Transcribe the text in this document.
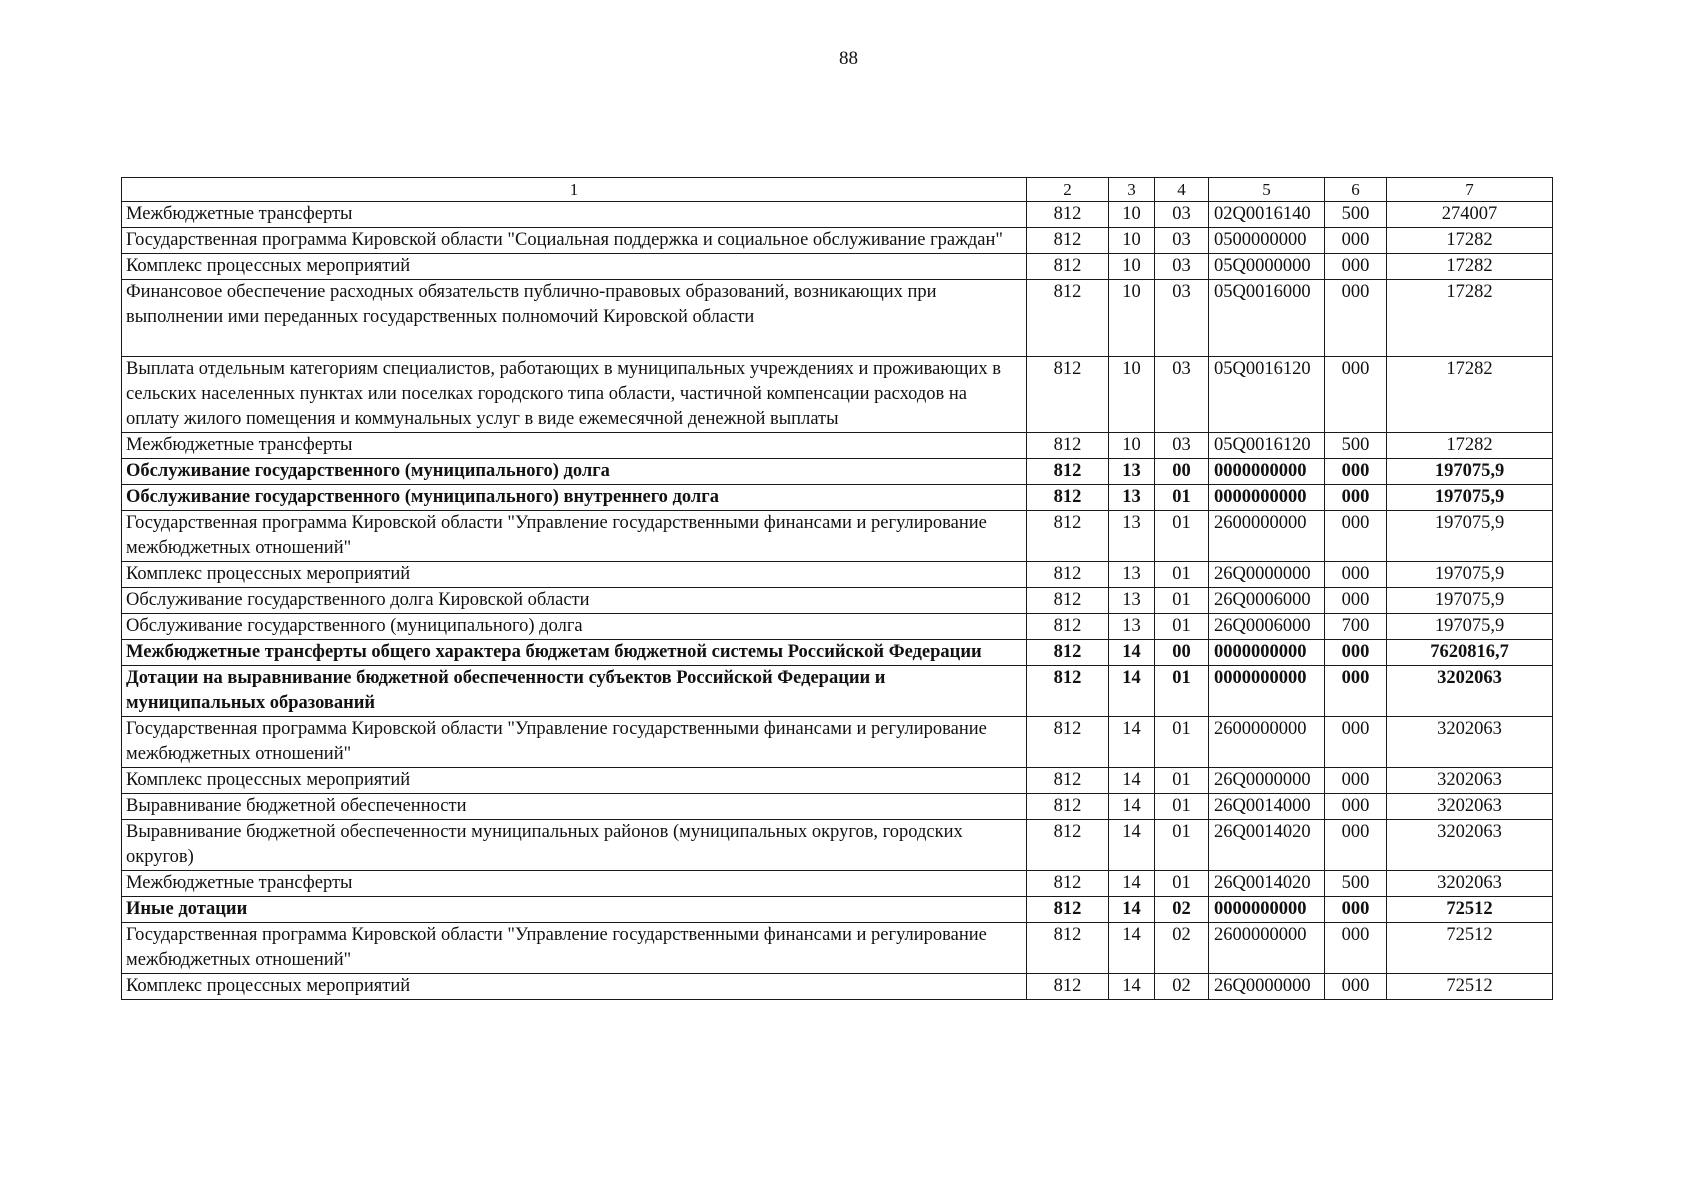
88
1	2	3	4	5	6	7
Межбюджетные трансферты	812	10	03	02Q0016140	500	274007
Государственная программа Кировской области "Социальная поддержка и социальное обслуживание граждан"	812	10	03	0500000000	000	17282
Комплекс процессных мероприятий	812	10	03	05Q0000000	000	17282
Финансовое обеспечение расходных обязательств публично-правовых образований, возникающих при выполнении ими переданных государственных полномочий Кировской области	812	10	03	05Q0016000	000	17282
Выплата отдельным категориям специалистов, работающих в муниципальных учреждениях и проживающих в сельских населенных пунктах или поселках городского типа области, частичной компенсации расходов на оплату жилого помещения и коммунальных услуг в виде ежемесячной денежной выплаты	812	10	03	05Q0016120	000	17282
Межбюджетные трансферты	812	10	03	05Q0016120	500	17282
Обслуживание государственного (муниципального) долга	812	13	00	0000000000	000	197075,9
Обслуживание государственного (муниципального) внутреннего долга	812	13	01	0000000000	000	197075,9
Государственная программа Кировской области "Управление государственными финансами и регулирование межбюджетных отношений"	812	13	01	2600000000	000	197075,9
Комплекс процессных мероприятий	812	13	01	26Q0000000	000	197075,9
Обслуживание государственного долга Кировской области	812	13	01	26Q0006000	000	197075,9
Обслуживание государственного (муниципального) долга	812	13	01	26Q0006000	700	197075,9
Межбюджетные трансферты общего характера бюджетам бюджетной системы Российской Федерации	812	14	00	0000000000	000	7620816,7
Дотации на выравнивание бюджетной обеспеченности субъектов Российской Федерации и муниципальных образований	812	14	01	0000000000	000	3202063
Государственная программа Кировской области "Управление государственными финансами и регулирование межбюджетных отношений"	812	14	01	2600000000	000	3202063
Комплекс процессных мероприятий	812	14	01	26Q0000000	000	3202063
Выравнивание бюджетной обеспеченности	812	14	01	26Q0014000	000	3202063
Выравнивание бюджетной обеспеченности муниципальных районов (муниципальных округов, городских округов)	812	14	01	26Q0014020	000	3202063
Межбюджетные трансферты	812	14	01	26Q0014020	500	3202063
Иные дотации	812	14	02	0000000000	000	72512
Государственная программа Кировской области "Управление государственными финансами и регулирование межбюджетных отношений"	812	14	02	2600000000	000	72512
Комплекс процессных мероприятий	812	14	02	26Q0000000	000	72512
